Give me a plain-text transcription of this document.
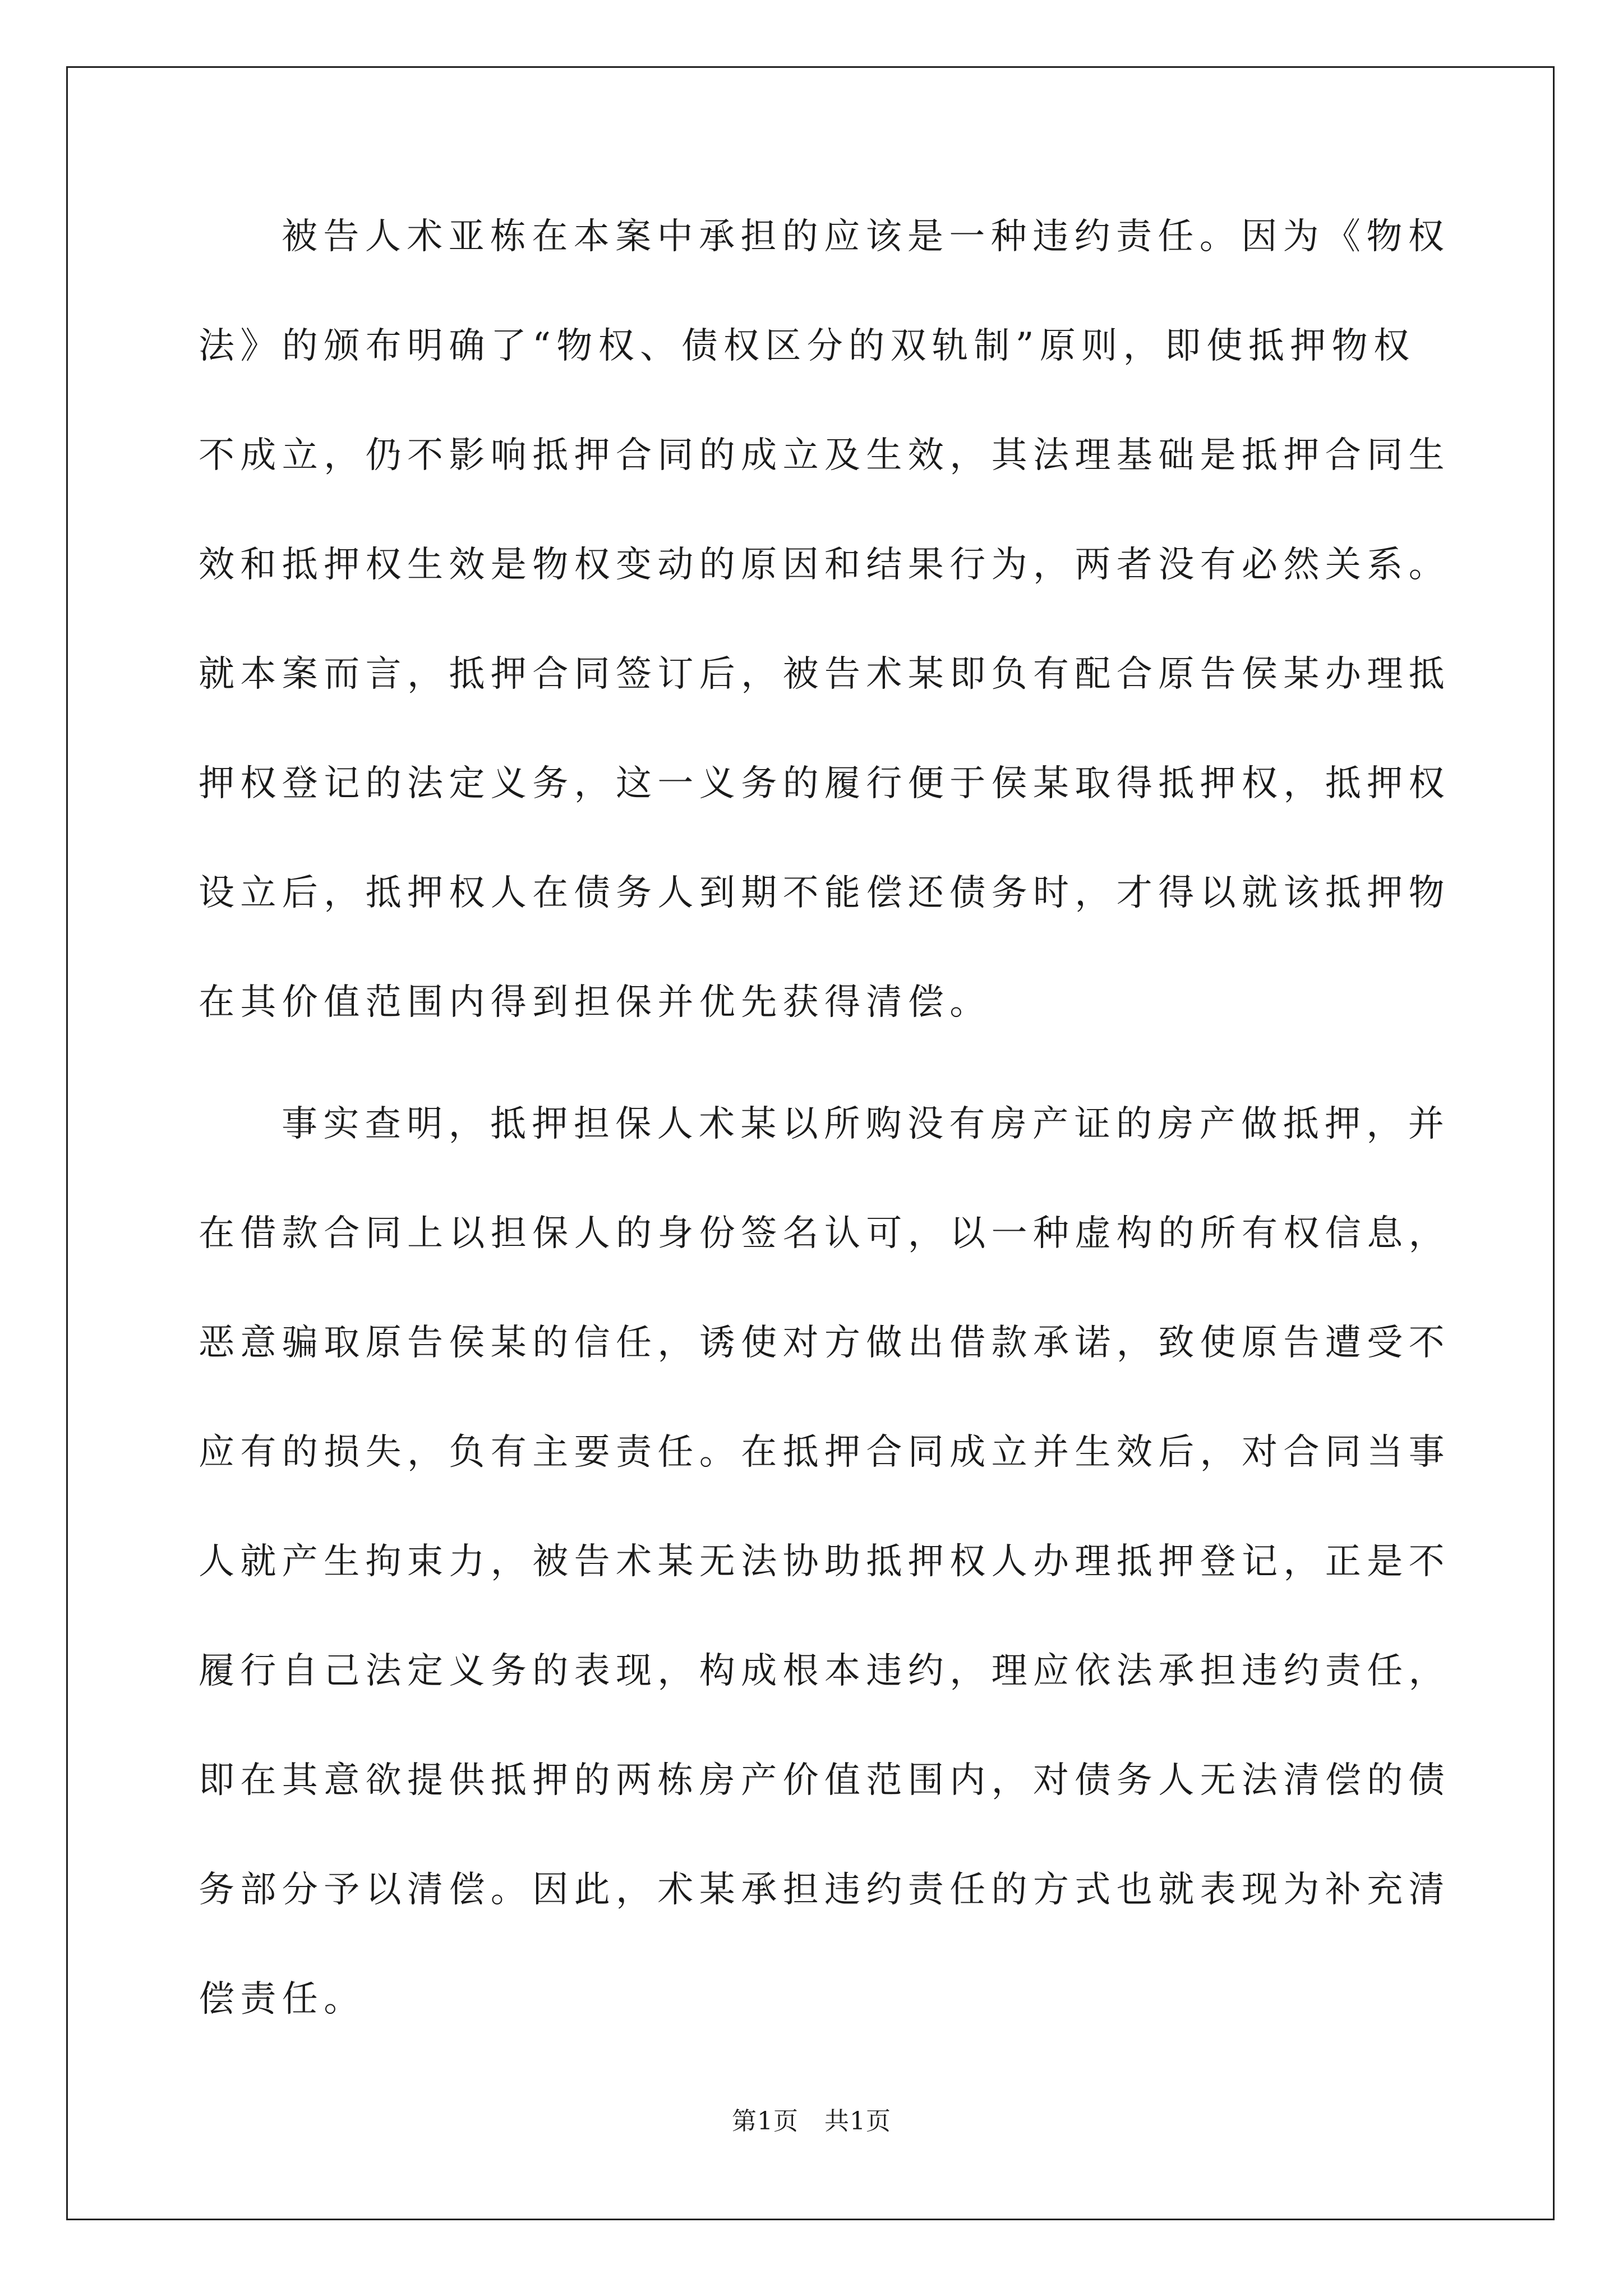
被告人术亚栋在本案中承担的应该是一种违约责任。因为《物权
法》的颁布明确了“物权、债权区分的双轨制”原则，即使抵押物权
不成立，仍不影响抵押合同的成立及生效，其法理基础是抵押合同生
效和抵押权生效是物权变动的原因和结果行为，两者没有必然关系。
就本案而言，抵押合同签订后，被告术某即负有配合原告侯某办理抵
押权登记的法定义务，这一义务的履行便于侯某取得抵押权，抵押权
设立后，抵押权人在债务人到期不能偿还债务时，才得以就该抵押物
在其价值范围内得到担保并优先获得清偿。
事实查明，抵押担保人术某以所购没有房产证的房产做抵押，并
在借款合同上以担保人的身份签名认可，以一种虚构的所有权信息，
恶意骗取原告侯某的信任，诱使对方做出借款承诺，致使原告遭受不
应有的损失，负有主要责任。在抵押合同成立并生效后，对合同当事
人就产生拘束力，被告术某无法协助抵押权人办理抵押登记，正是不
履行自己法定义务的表现，构成根本违约，理应依法承担违约责任，
即在其意欲提供抵押的两栋房产价值范围内，对债务人无法清偿的债
务部分予以清偿。因此，术某承担违约责任的方式也就表现为补充清
偿责任。
第1页 共1页
